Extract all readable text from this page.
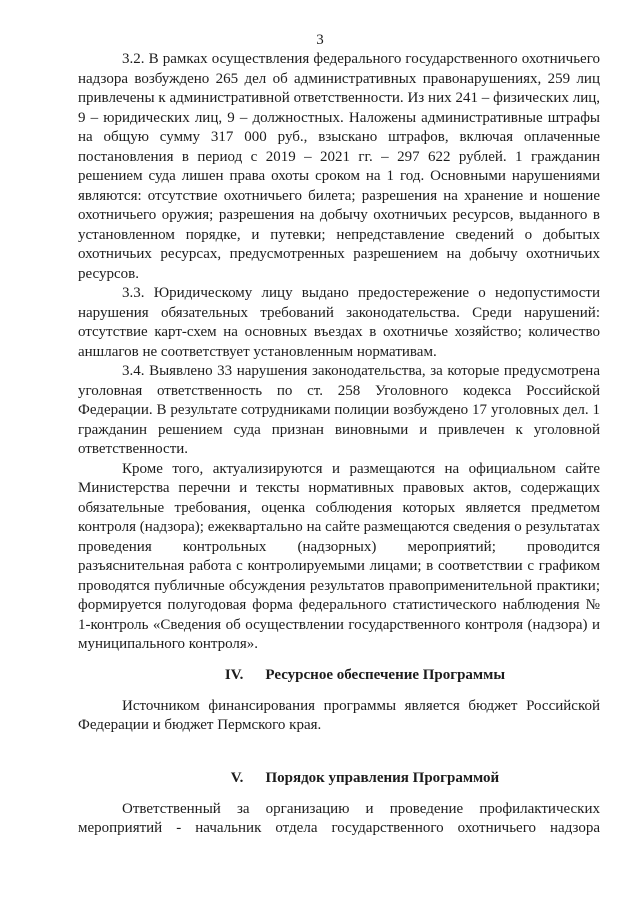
3

3.2. В рамках осуществления федерального государственного охотничьего надзора возбуждено 265 дел об административных правонарушениях, 259 лиц привлечены к административной ответственности. Из них 241 – физических лиц, 9 – юридических лиц, 9 – должностных. Наложены административные штрафы на общую сумму 317 000 руб., взыскано штрафов, включая оплаченные постановления в период с 2019 – 2021 гг. – 297 622 рублей. 1 гражданин решением суда лишен права охоты сроком на 1 год. Основными нарушениями являются: отсутствие охотничьего билета; разрешения на хранение и ношение охотничьего оружия; разрешения на добычу охотничьих ресурсов, выданного в установленном порядке, и путевки; непредставление сведений о добытых охотничьих ресурсах, предусмотренных разрешением на добычу охотничьих ресурсов.

3.3. Юридическому лицу выдано предостережение о недопустимости нарушения обязательных требований законодательства. Среди нарушений: отсутствие карт-схем на основных въездах в охотничье хозяйство; количество аншлагов не соответствует установленным нормативам.

3.4. Выявлено 33 нарушения законодательства, за которые предусмотрена уголовная ответственность по ст. 258 Уголовного кодекса Российской Федерации. В результате сотрудниками полиции возбуждено 17 уголовных дел. 1 гражданин решением суда признан виновными и привлечен к уголовной ответственности.

Кроме того, актуализируются и размещаются на официальном сайте Министерства перечни и тексты нормативных правовых актов, содержащих обязательные требования, оценка соблюдения которых является предметом контроля (надзора); ежеквартально на сайте размещаются сведения о результатах проведения контрольных (надзорных) мероприятий; проводится разъяснительная работа с контролируемыми лицами; в соответствии с графиком проводятся публичные обсуждения результатов правоприменительной практики; формируется полугодовая форма федерального статистического наблюдения № 1-контроль «Сведения об осуществлении государственного контроля (надзора) и муниципального контроля».

IV. Ресурсное обеспечение Программы

Источником финансирования программы является бюджет Российской Федерации и бюджет Пермского края.

V. Порядок управления Программой

Ответственный за организацию и проведение профилактических мероприятий - начальник отдела государственного охотничьего надзора
